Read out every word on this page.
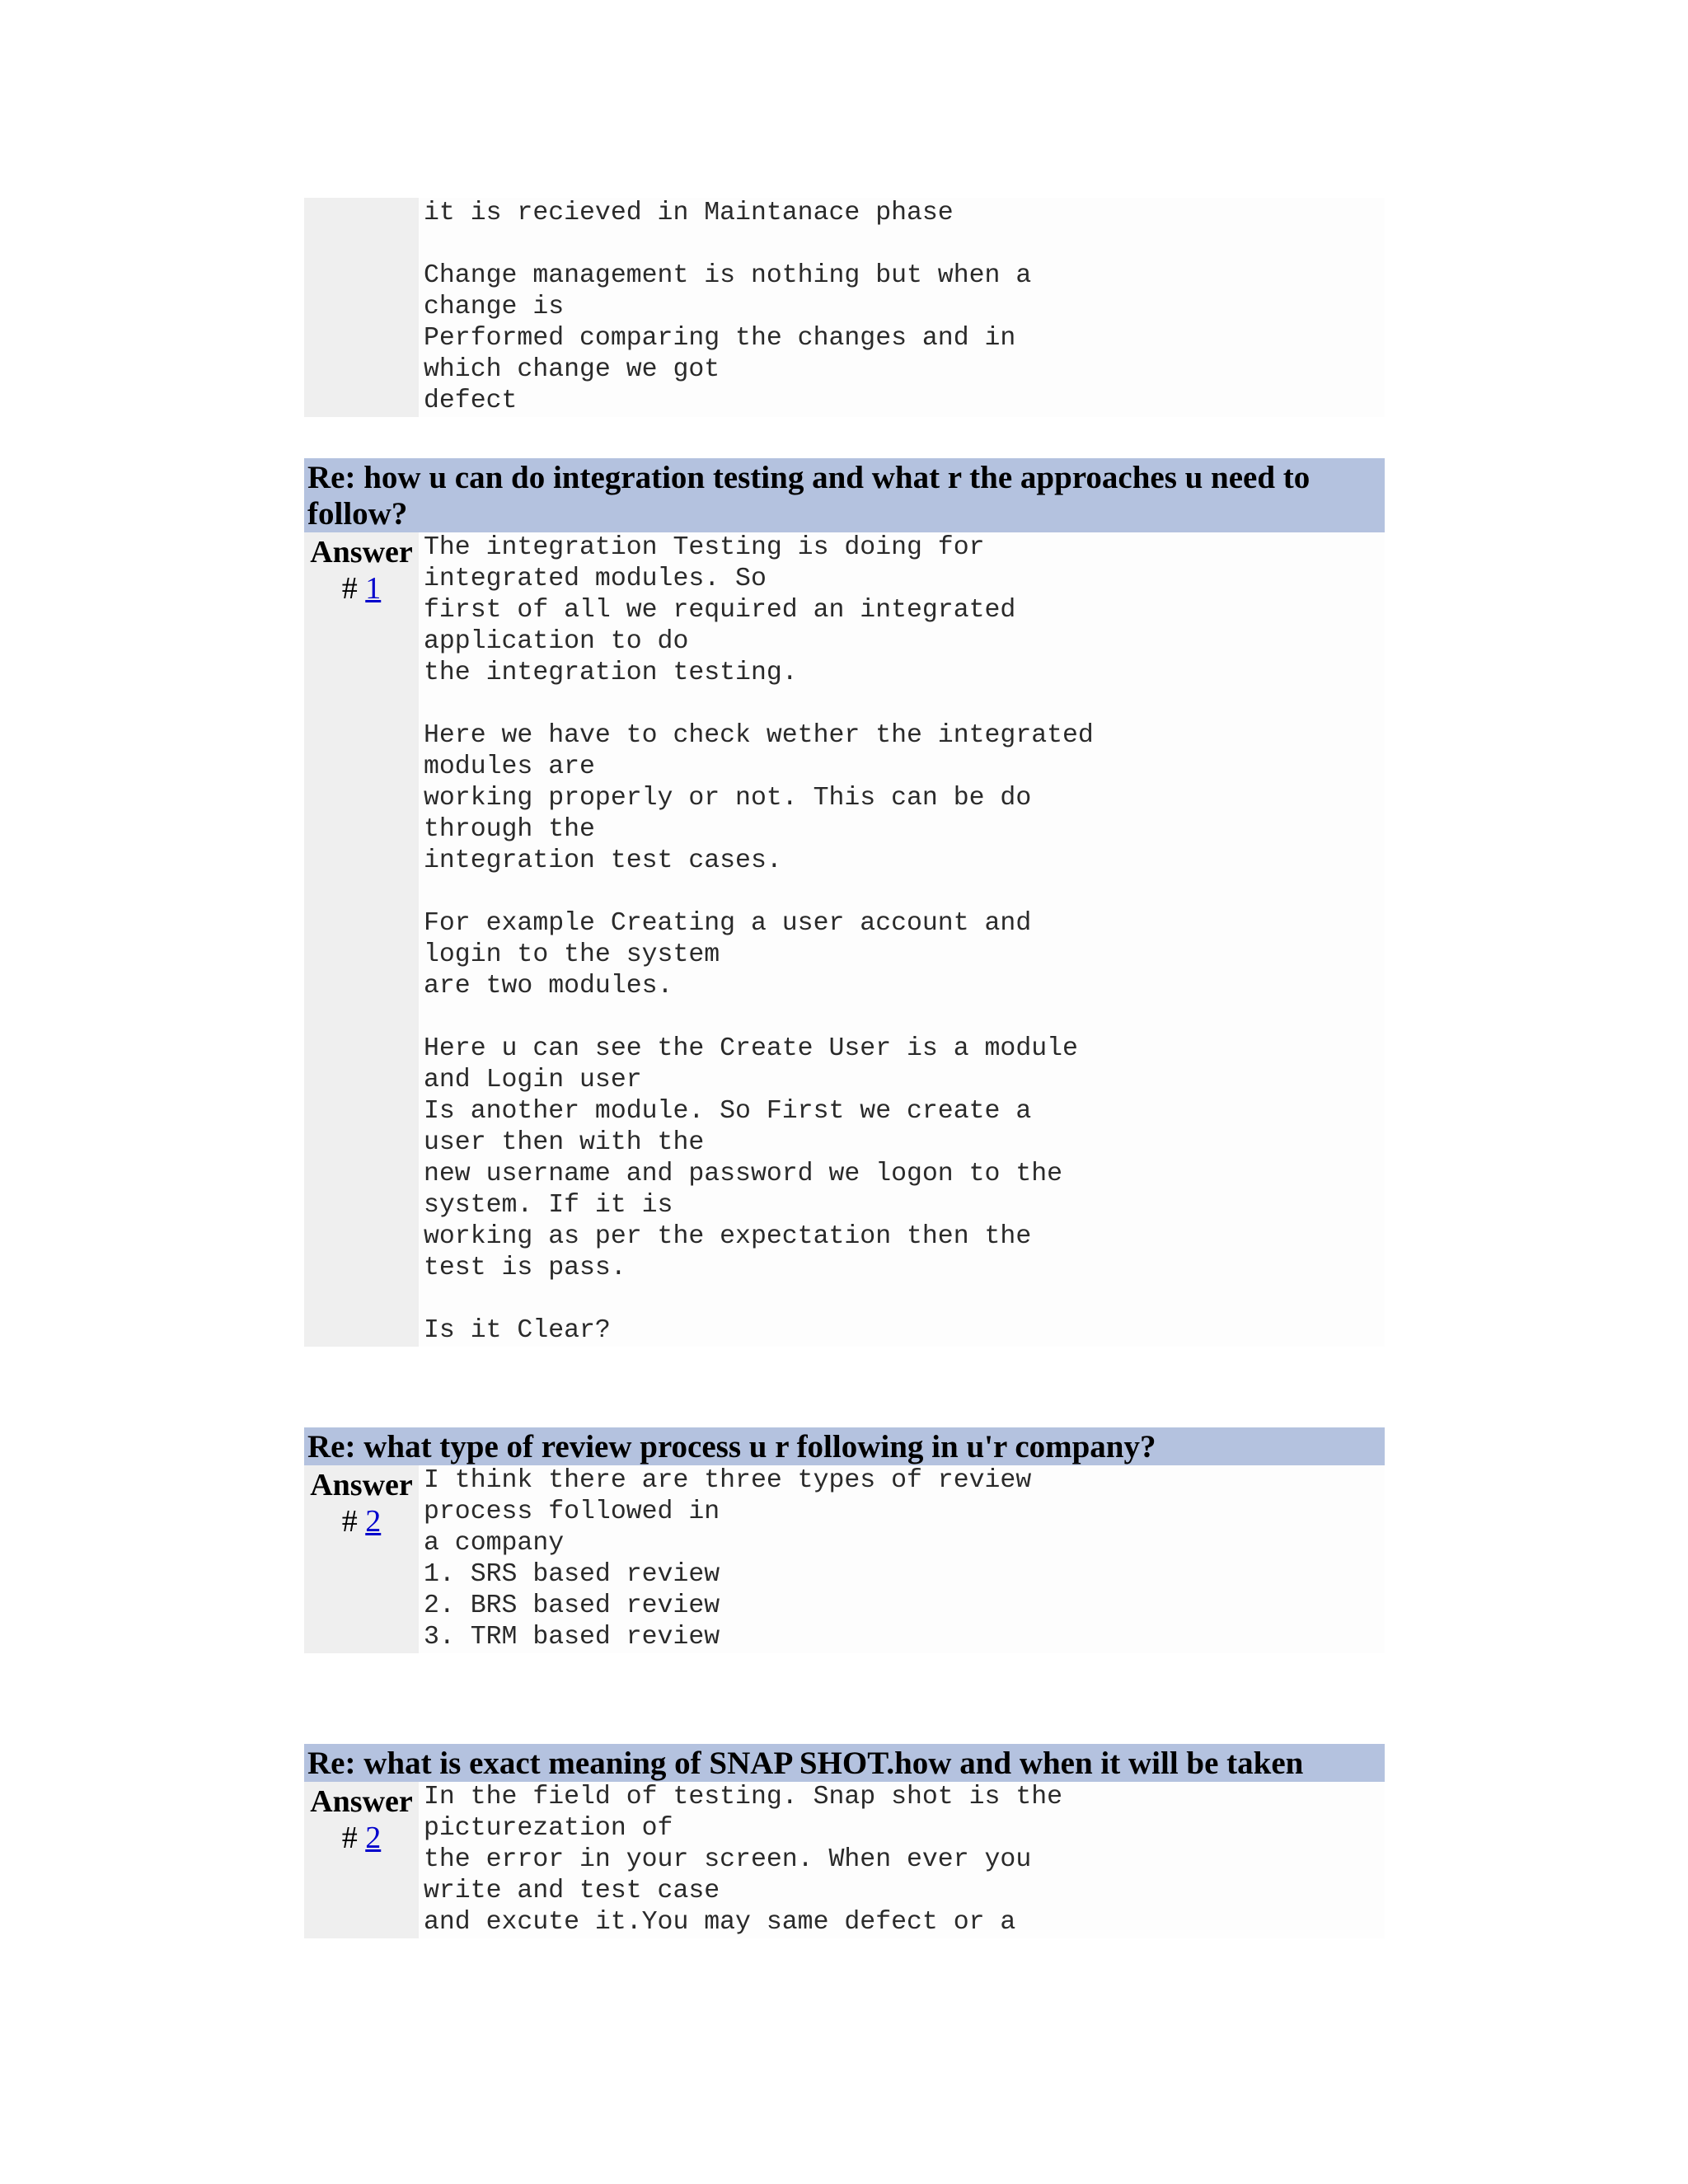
it is recieved in Maintanace phase

Change management is nothing but when a
change is
Performed comparing the changes and in
which change we got
defect
Re: how u can do integration testing and what r the approaches u need to follow?
Answer
# 1
The integration Testing is doing for
integrated modules. So
first of all we required an integrated
application to do
the integration testing.

Here we have to check wether the integrated
modules are
working properly or not. This can be do
through the
integration test cases.

For example Creating a user account and
login to the system
are two modules.

Here u can see the Create User is a module
and Login user
Is another module. So First we create a
user then with the
new username and password we logon to the
system. If it is
working as per the expectation then the
test is pass.

Is it Clear?
Re: what type of review process u r following in u'r company?
Answer
# 2
I think there are three types of review
process followed in
a company
1. SRS based review
2. BRS based review
3. TRM based review
Re: what is exact meaning of SNAP SHOT.how and when it will be taken
Answer
# 2
In the field of testing. Snap shot is the
picturezation of
the error in your screen. When ever you
write and test case
and excute it.You may same defect or a
